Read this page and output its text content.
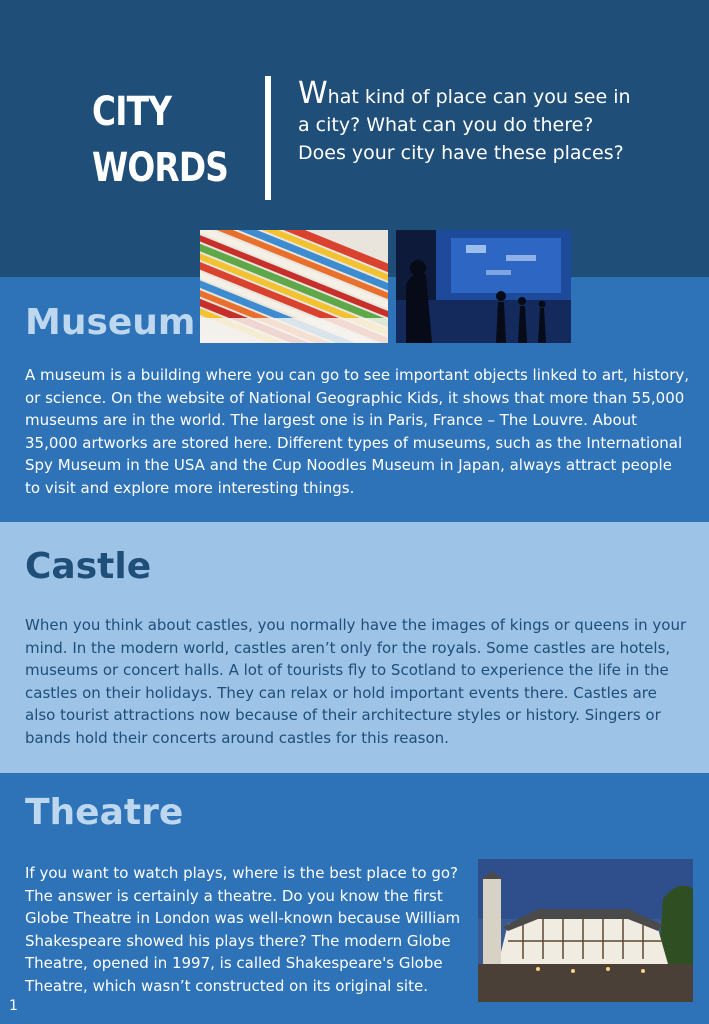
CITY
WORDS
What kind of place can you see in a city? What can you do there? Does your city have these places?
Museum

A museum is a building where you can go to see important objects linked to art, history, or science. On the website of National Geographic Kids, it shows that more than 55,000 museums are in the world. The largest one is in Paris, France – The Louvre. About 35,000 artworks are stored here. Different types of museums, such as the International Spy Museum in the USA and the Cup Noodles Museum in Japan, always attract people to visit and explore more interesting things.

Castle

When you think about castles, you normally have the images of kings or queens in your mind. In the modern world, castles aren’t only for the royals. Some castles are hotels, museums or concert halls. A lot of tourists fly to Scotland to experience the life in the castles on their holidays. They can relax or hold important events there. Castles are also tourist attractions now because of their architecture styles or history. Singers or bands hold their concerts around castles for this reason.

Theatre

If you want to watch plays, where is the best place to go? The answer is certainly a theatre. Do you know the first Globe Theatre in London was well-known because William Shakespeare showed his plays there? The modern Globe Theatre, opened in 1997, is called Shakespeare's Globe Theatre, which wasn’t constructed on its original site.

1
